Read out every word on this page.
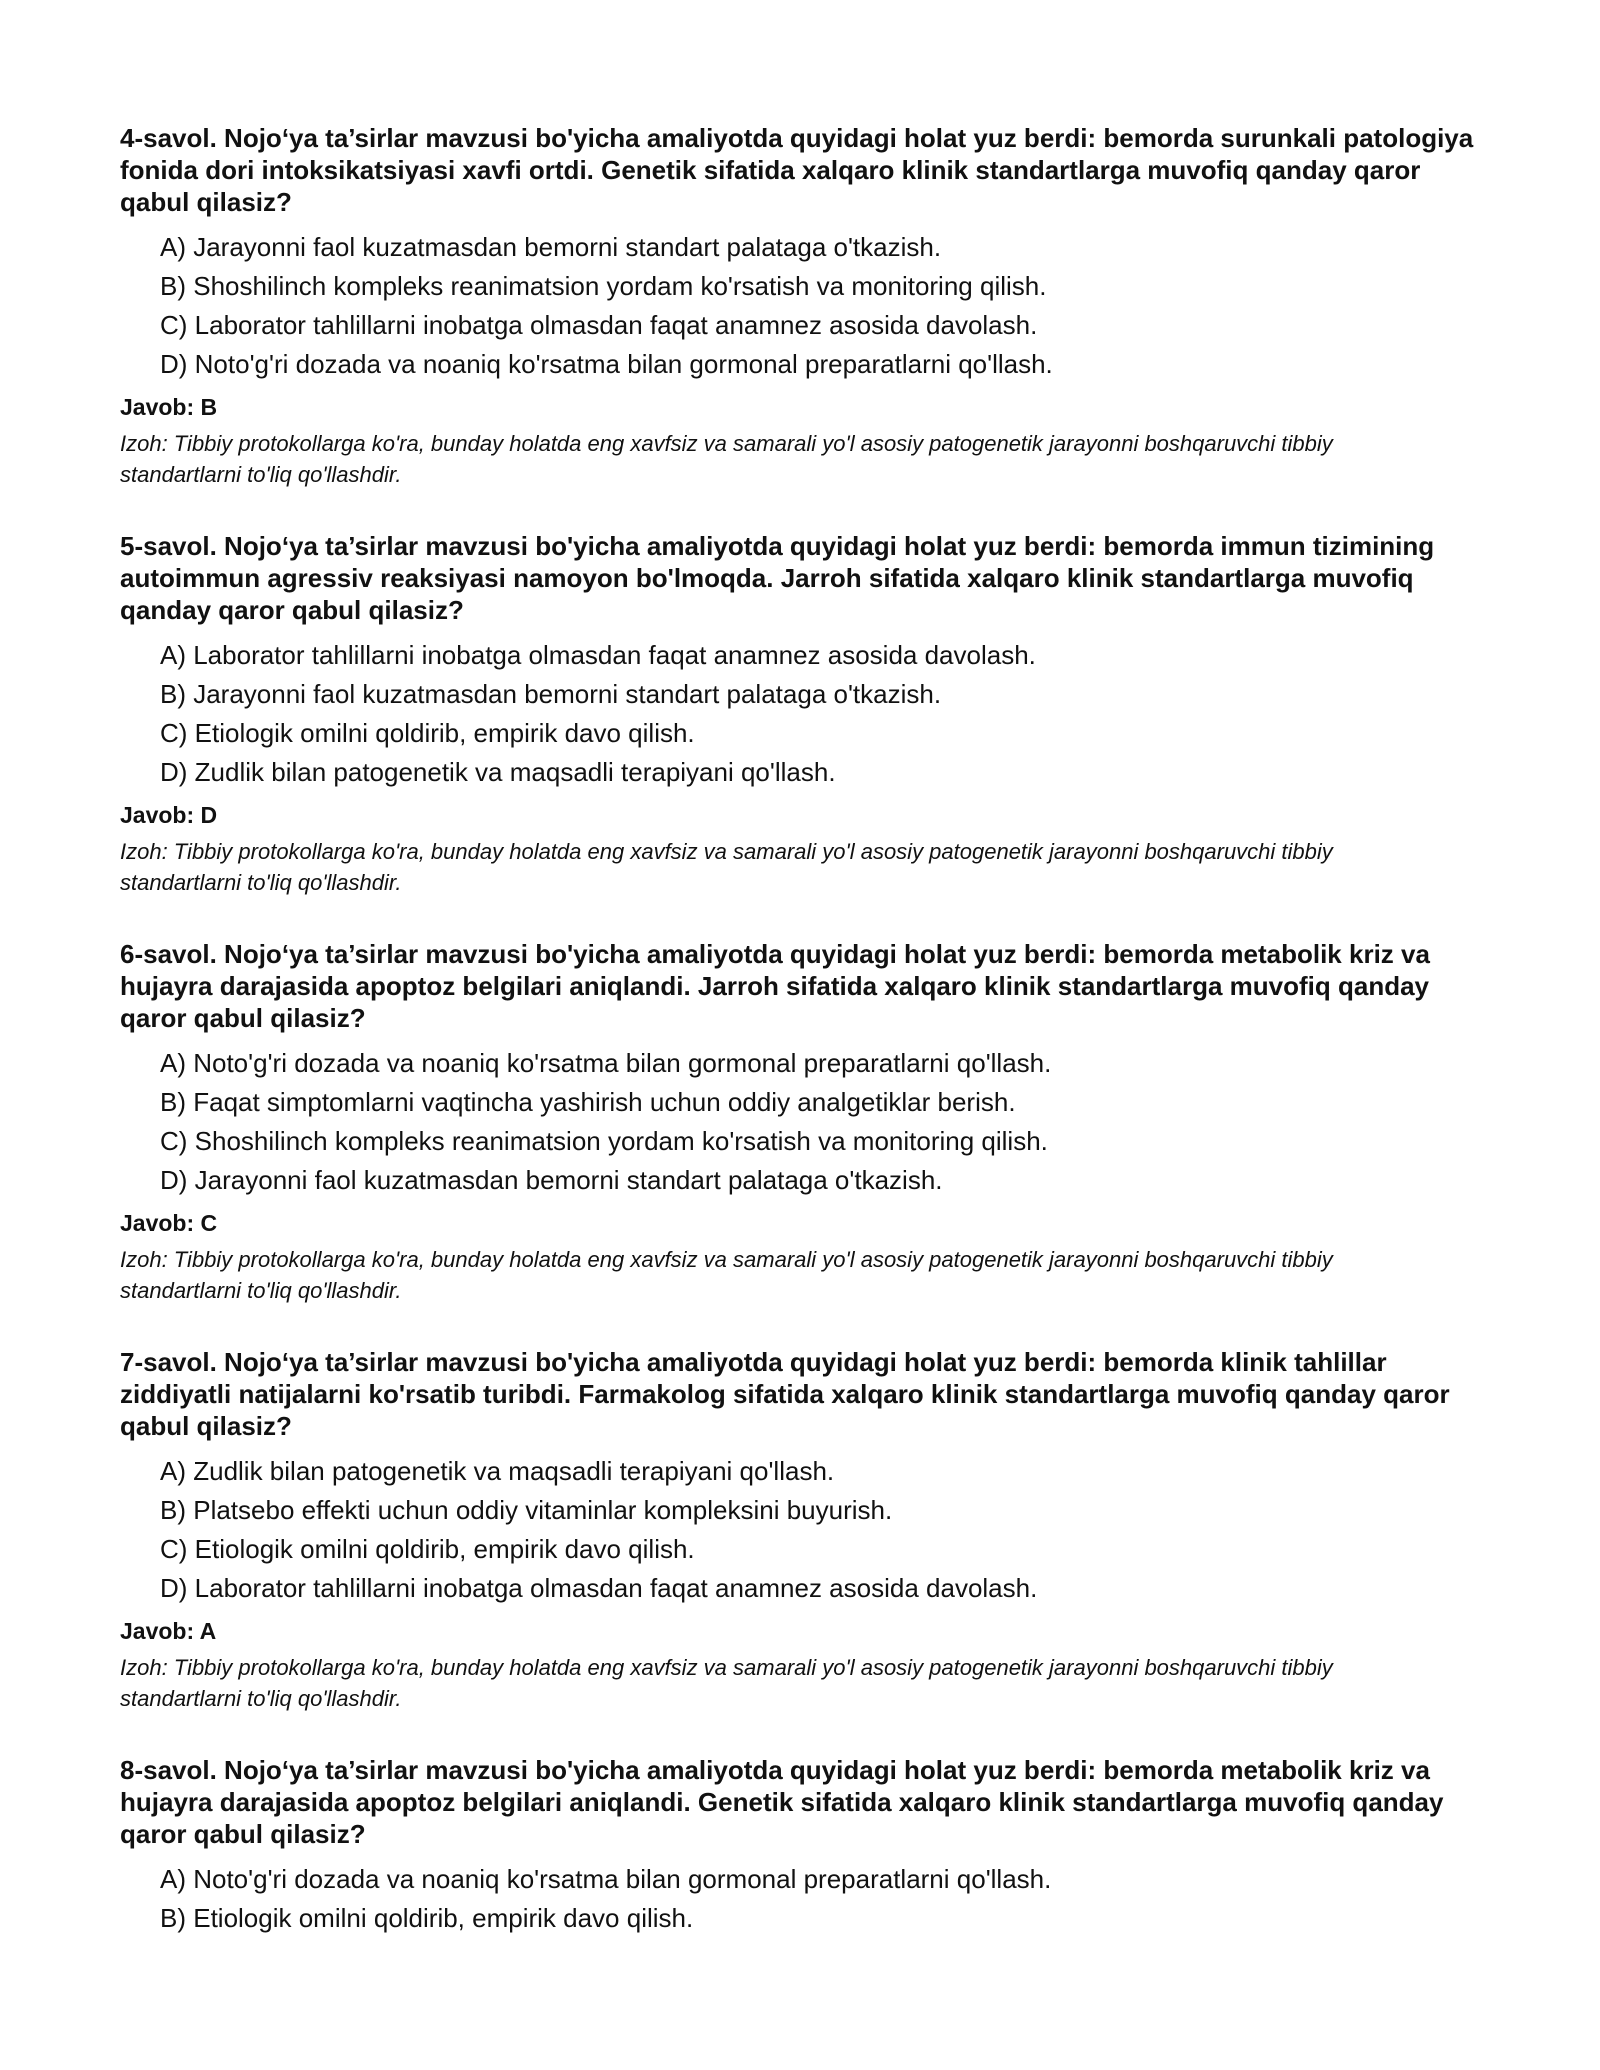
4-savol. Nojo‘ya ta’sirlar mavzusi bo'yicha amaliyotda quyidagi holat yuz berdi: bemorda surunkali patologiya fonida dori intoksikatsiyasi xavfi ortdi. Genetik sifatida xalqaro klinik standartlarga muvofiq qanday qaror qabul qilasiz?
A) Jarayonni faol kuzatmasdan bemorni standart palataga o'tkazish.
B) Shoshilinch kompleks reanimatsion yordam ko'rsatish va monitoring qilish.
C) Laborator tahlillarni inobatga olmasdan faqat anamnez asosida davolash.
D) Noto'g'ri dozada va noaniq ko'rsatma bilan gormonal preparatlarni qo'llash.
Javob: B
Izoh: Tibbiy protokollarga ko'ra, bunday holatda eng xavfsiz va samarali yo'l asosiy patogenetik jarayonni boshqaruvchi tibbiy standartlarni to'liq qo'llashdir.
5-savol. Nojo‘ya ta’sirlar mavzusi bo'yicha amaliyotda quyidagi holat yuz berdi: bemorda immun tizimining autoimmun agressiv reaksiyasi namoyon bo'lmoqda. Jarroh sifatida xalqaro klinik standartlarga muvofiq qanday qaror qabul qilasiz?
A) Laborator tahlillarni inobatga olmasdan faqat anamnez asosida davolash.
B) Jarayonni faol kuzatmasdan bemorni standart palataga o'tkazish.
C) Etiologik omilni qoldirib, empirik davo qilish.
D) Zudlik bilan patogenetik va maqsadli terapiyani qo'llash.
Javob: D
Izoh: Tibbiy protokollarga ko'ra, bunday holatda eng xavfsiz va samarali yo'l asosiy patogenetik jarayonni boshqaruvchi tibbiy standartlarni to'liq qo'llashdir.
6-savol. Nojo‘ya ta’sirlar mavzusi bo'yicha amaliyotda quyidagi holat yuz berdi: bemorda metabolik kriz va hujayra darajasida apoptoz belgilari aniqlandi. Jarroh sifatida xalqaro klinik standartlarga muvofiq qanday qaror qabul qilasiz?
A) Noto'g'ri dozada va noaniq ko'rsatma bilan gormonal preparatlarni qo'llash.
B) Faqat simptomlarni vaqtincha yashirish uchun oddiy analgetiklar berish.
C) Shoshilinch kompleks reanimatsion yordam ko'rsatish va monitoring qilish.
D) Jarayonni faol kuzatmasdan bemorni standart palataga o'tkazish.
Javob: C
Izoh: Tibbiy protokollarga ko'ra, bunday holatda eng xavfsiz va samarali yo'l asosiy patogenetik jarayonni boshqaruvchi tibbiy standartlarni to'liq qo'llashdir.
7-savol. Nojo‘ya ta’sirlar mavzusi bo'yicha amaliyotda quyidagi holat yuz berdi: bemorda klinik tahlillar ziddiyatli natijalarni ko'rsatib turibdi. Farmakolog sifatida xalqaro klinik standartlarga muvofiq qanday qaror qabul qilasiz?
A) Zudlik bilan patogenetik va maqsadli terapiyani qo'llash.
B) Platsebo effekti uchun oddiy vitaminlar kompleksini buyurish.
C) Etiologik omilni qoldirib, empirik davo qilish.
D) Laborator tahlillarni inobatga olmasdan faqat anamnez asosida davolash.
Javob: A
Izoh: Tibbiy protokollarga ko'ra, bunday holatda eng xavfsiz va samarali yo'l asosiy patogenetik jarayonni boshqaruvchi tibbiy standartlarni to'liq qo'llashdir.
8-savol. Nojo‘ya ta’sirlar mavzusi bo'yicha amaliyotda quyidagi holat yuz berdi: bemorda metabolik kriz va hujayra darajasida apoptoz belgilari aniqlandi. Genetik sifatida xalqaro klinik standartlarga muvofiq qanday qaror qabul qilasiz?
A) Noto'g'ri dozada va noaniq ko'rsatma bilan gormonal preparatlarni qo'llash.
B) Etiologik omilni qoldirib, empirik davo qilish.
